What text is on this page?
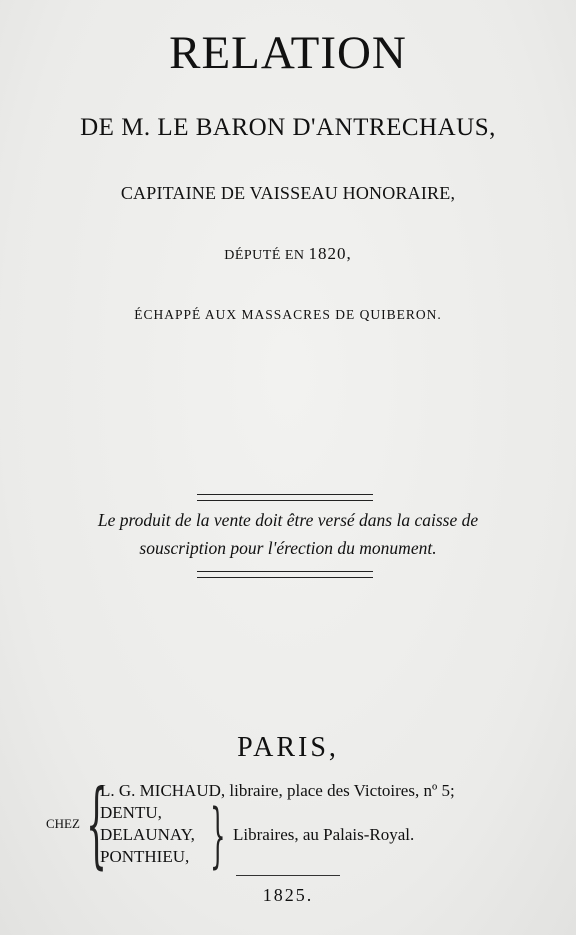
RELATION
DE M. LE BARON D'ANTRECHAUS,
CAPITAINE DE VAISSEAU HONORAIRE,
DÉPUTÉ EN 1820,
ÉCHAPPÉ AUX MASSACRES DE QUIBERON.
Le produit de la vente doit être versé dans la caisse de
souscription pour l'érection du monument.
PARIS,
CHEZ {
L. G. MICHAUD, libraire, place des Victoires, nº 5;
DENTU,
DELAUNAY,
PONTHIEU, } Libraires, au Palais-Royal.
1825.
